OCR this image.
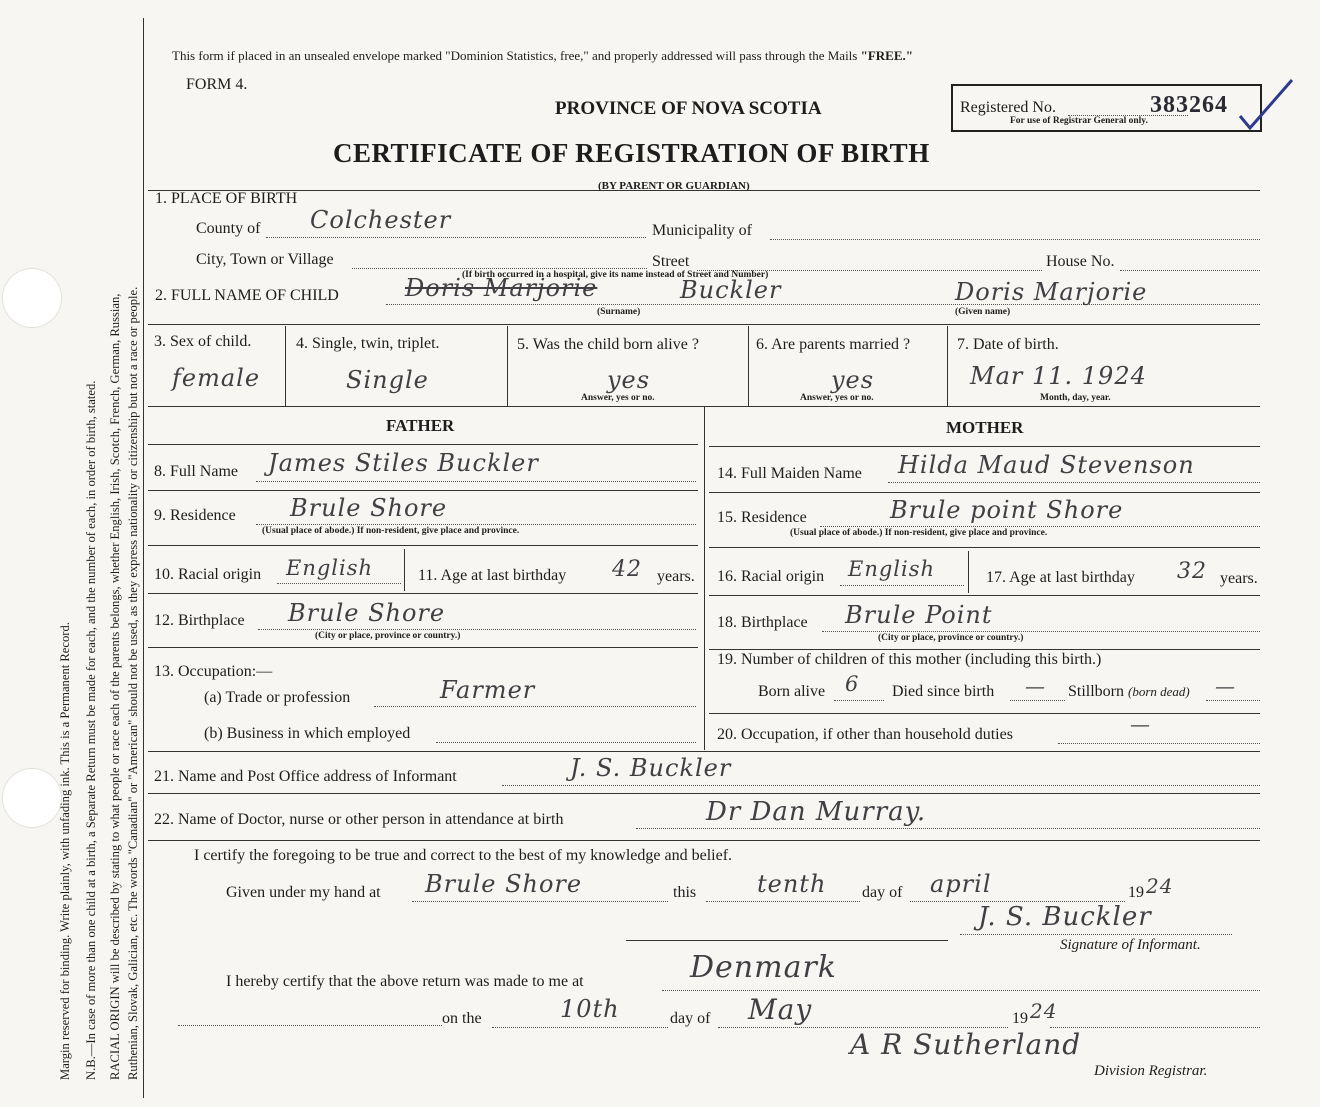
Margin reserved for binding. Write plainly, with unfading ink. This is a Permanent Record. N.B.—In case of more than one child at a birth, a Separate Return must be made for each, and the number of each, in order of birth, stated. RACIAL ORIGIN will be described by stating to what people or race each of the parents belongs, whether English, Irish, Scotch, French, German, Russian, Ruthenian, Slovak, Galician, etc. The words "Canadian" or "American" should not be used, as they express nationality or citizenship but not a race or people.
This form if placed in an unsealed envelope marked "Dominion Statistics, free," and properly addressed will pass through the Mails "FREE."
FORM 4.
PROVINCE OF NOVA SCOTIA
CERTIFICATE OF REGISTRATION OF BIRTH
(BY PARENT OR GUARDIAN)
Registered No.
For use of Registrar General only.
383264
1. PLACE OF BIRTH
County of Colchester	Municipality of
City, Town or Village	Street	House No.
(If birth occurred in a hospital, give its name instead of Street and Number)
2. FULL NAME OF CHILD	Doris Marjorie	Buckler
(Surname)
Doris Marjorie
(Given name)
3. Sex of child.
female
4. Single, twin, triplet.
Single
5. Was the child born alive ?
yes
Answer, yes or no.
6. Are parents married ?
yes
Answer, yes or no.
7. Date of birth.
Mar 11. 1924
Month, day, year.
FATHER	MOTHER
8. Full Name James Stiles Buckler
9. Residence Brule Shore
(Usual place of abode.) If non-resident, give place and province.
10. Racial origin English	11. Age at last birthday 42 years.
12. Birthplace Brule Shore
(City or place, province or country.)
13. Occupation:—
(a) Trade or profession	Farmer
(b) Business in which employed
14. Full Maiden Name Hilda Maud Stevenson
15. Residence	Brule point Shore
(Usual place of abode.) If non-resident, give place and province.
16. Racial origin English	17. Age at last birthday 32 years.
18. Birthplace Brule Point
(City or place, province or country.)
19. Number of children of this mother (including this birth.)
Born alive 6 Died since birth — Stillborn (born dead) —
20. Occupation, if other than household duties	—
21. Name and Post Office address of Informant	J. S. Buckler
22. Name of Doctor, nurse or other person in attendance at birth	Dr Dan Murray.
I certify the foregoing to be true and correct to the best of my knowledge and belief.
Given under my hand at Brule Shore	this	tenth day of april	19 24
J. S. Buckler
Signature of Informant.
I hereby certify that the above return was made to me at	Denmark
on the	10th	day of May	19 24
A R Sutherland
Division Registrar.
